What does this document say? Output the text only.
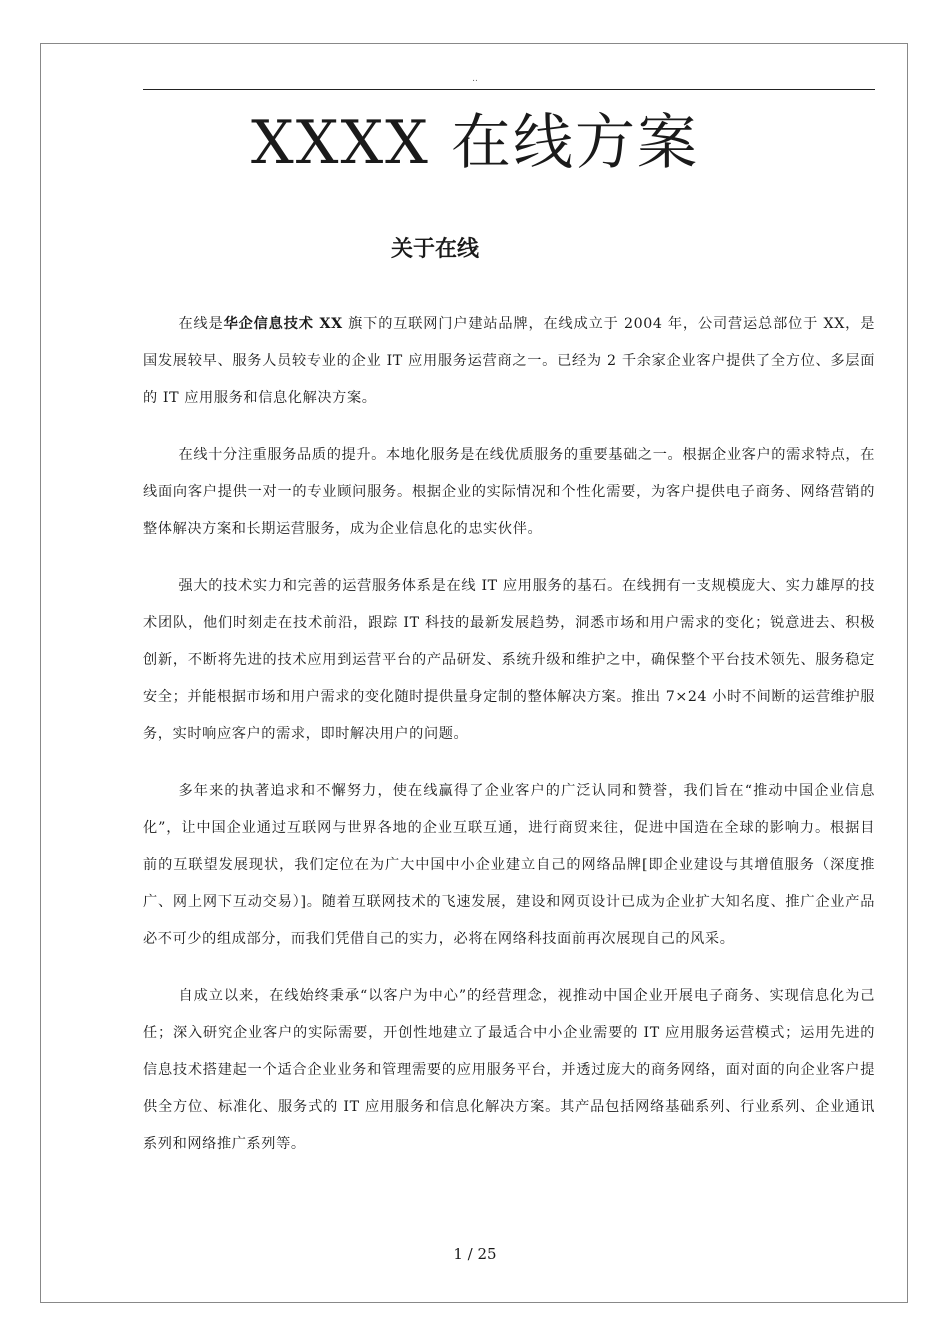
..
XXXX 在线方案
关于在线

在线是华企信息技术 XX 旗下的互联网门户建站品牌，在线成立于 2004 年，公司营运总部位于 XX，是国发展较早、服务人员较专业的企业 IT 应用服务运营商之一。已经为 2 千余家企业客户提供了全方位、多层面的 IT 应用服务和信息化解决方案。

在线十分注重服务品质的提升。本地化服务是在线优质服务的重要基础之一。根据企业客户的需求特点，在线面向客户提供一对一的专业顾问服务。根据企业的实际情况和个性化需要，为客户提供电子商务、网络营销的整体解决方案和长期运营服务，成为企业信息化的忠实伙伴。

强大的技术实力和完善的运营服务体系是在线 IT 应用服务的基石。在线拥有一支规模庞大、实力雄厚的技术团队，他们时刻走在技术前沿，跟踪 IT 科技的最新发展趋势，洞悉市场和用户需求的变化；锐意进去、积极创新，不断将先进的技术应用到运营平台的产品研发、系统升级和维护之中，确保整个平台技术领先、服务稳定安全；并能根据市场和用户需求的变化随时提供量身定制的整体解决方案。推出 7×24 小时不间断的运营维护服务，实时响应客户的需求，即时解决用户的问题。

多年来的执著追求和不懈努力，使在线赢得了企业客户的广泛认同和赞誉，我们旨在“推动中国企业信息化”，让中国企业通过互联网与世界各地的企业互联互通，进行商贸来往，促进中国造在全球的影响力。根据目前的互联望发展现状，我们定位在为广大中国中小企业建立自己的网络品牌[即企业建设与其增值服务（深度推广、网上网下互动交易）]。随着互联网技术的飞速发展，建设和网页设计已成为企业扩大知名度、推广企业产品必不可少的组成部分，而我们凭借自己的实力，必将在网络科技面前再次展现自己的风采。

自成立以来，在线始终秉承“以客户为中心”的经营理念，视推动中国企业开展电子商务、实现信息化为己任；深入研究企业客户的实际需要，开创性地建立了最适合中小企业需要的 IT 应用服务运营模式；运用先进的信息技术搭建起一个适合企业业务和管理需要的应用服务平台，并透过庞大的商务网络，面对面的向企业客户提供全方位、标准化、服务式的 IT 应用服务和信息化解决方案。其产品包括网络基础系列、行业系列、企业通讯系列和网络推广系列等。

1 / 25
